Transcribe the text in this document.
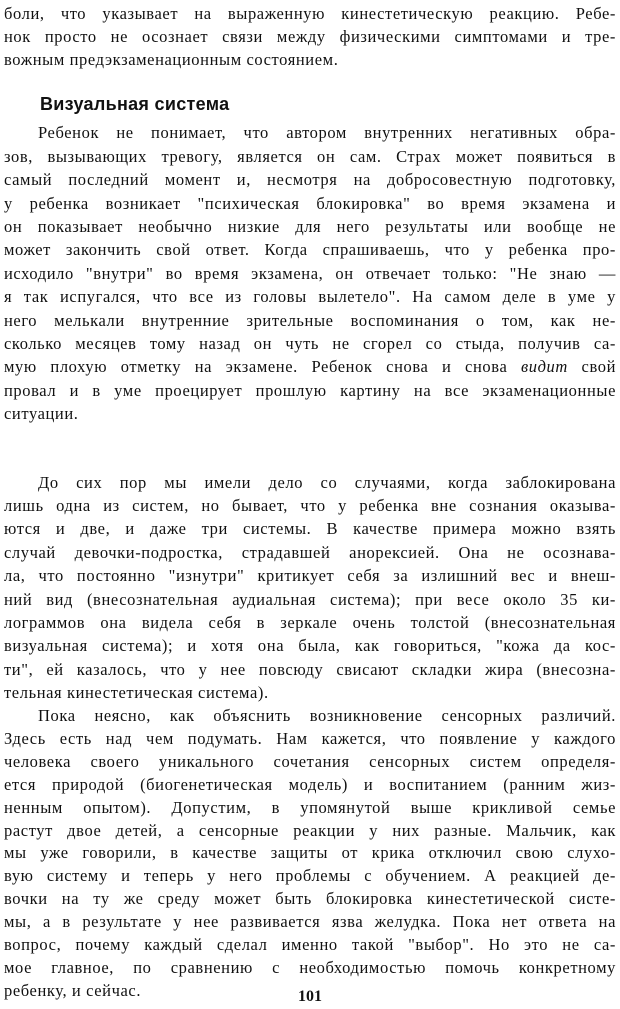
боли, что указывает на выраженную кинестетическую реакцию. Ребе-
нок просто не осознает связи между физическими симптомами и тре-
вожным предэкзаменационным состоянием.
Визуальная система
Ребенок не понимает, что автором внутренних негативных обра-
зов, вызывающих тревогу, является он сам. Страх может появиться в
самый последний момент и, несмотря на добросовестную подготовку,
у ребенка возникает "психическая блокировка" во время экзамена и
он показывает необычно низкие для него результаты или вообще не
может закончить свой ответ. Когда спрашиваешь, что у ребенка про-
исходило "внутри" во время экзамена, он отвечает только: "Не знаю —
я так испугался, что все из головы вылетело". На самом деле в уме у
него мелькали внутренние зрительные воспоминания о том, как не-
сколько месяцев тому назад он чуть не сгорел со стыда, получив са-
мую плохую отметку на экзамене. Ребенок снова и снова видит свой
провал и в уме проецирует прошлую картину на все экзаменационные
ситуации.
До сих пор мы имели дело со случаями, когда заблокирована
лишь одна из систем, но бывает, что у ребенка вне сознания оказыва-
ются и две, и даже три системы. В качестве примера можно взять
случай девочки-подростка, страдавшей анорексией. Она не осознава-
ла, что постоянно "изнутри" критикует себя за излишний вес и внеш-
ний вид (внесознательная аудиальная система); при весе около 35 ки-
лограммов она видела себя в зеркале очень толстой (внесознательная
визуальная система); и хотя она была, как говориться, "кожа да кос-
ти", ей казалось, что у нее повсюду свисают складки жира (внесозна-
тельная кинестетическая система).
Пока неясно, как объяснить возникновение сенсорных различий.
Здесь есть над чем подумать. Нам кажется, что появление у каждого
человека своего уникального сочетания сенсорных систем определя-
ется природой (биогенетическая модель) и воспитанием (ранним жиз-
ненным опытом). Допустим, в упомянутой выше крикливой семье
растут двое детей, а сенсорные реакции у них разные. Мальчик, как
мы уже говорили, в качестве защиты от крика отключил свою слухо-
вую систему и теперь у него проблемы с обучением. А реакцией де-
вочки на ту же среду может быть блокировка кинестетической систе-
мы, а в результате у нее развивается язва желудка. Пока нет ответа на
вопрос, почему каждый сделал именно такой "выбор". Но это не са-
мое главное, по сравнению с необходимостью помочь конкретному
101
ребенку, и сейчас.
